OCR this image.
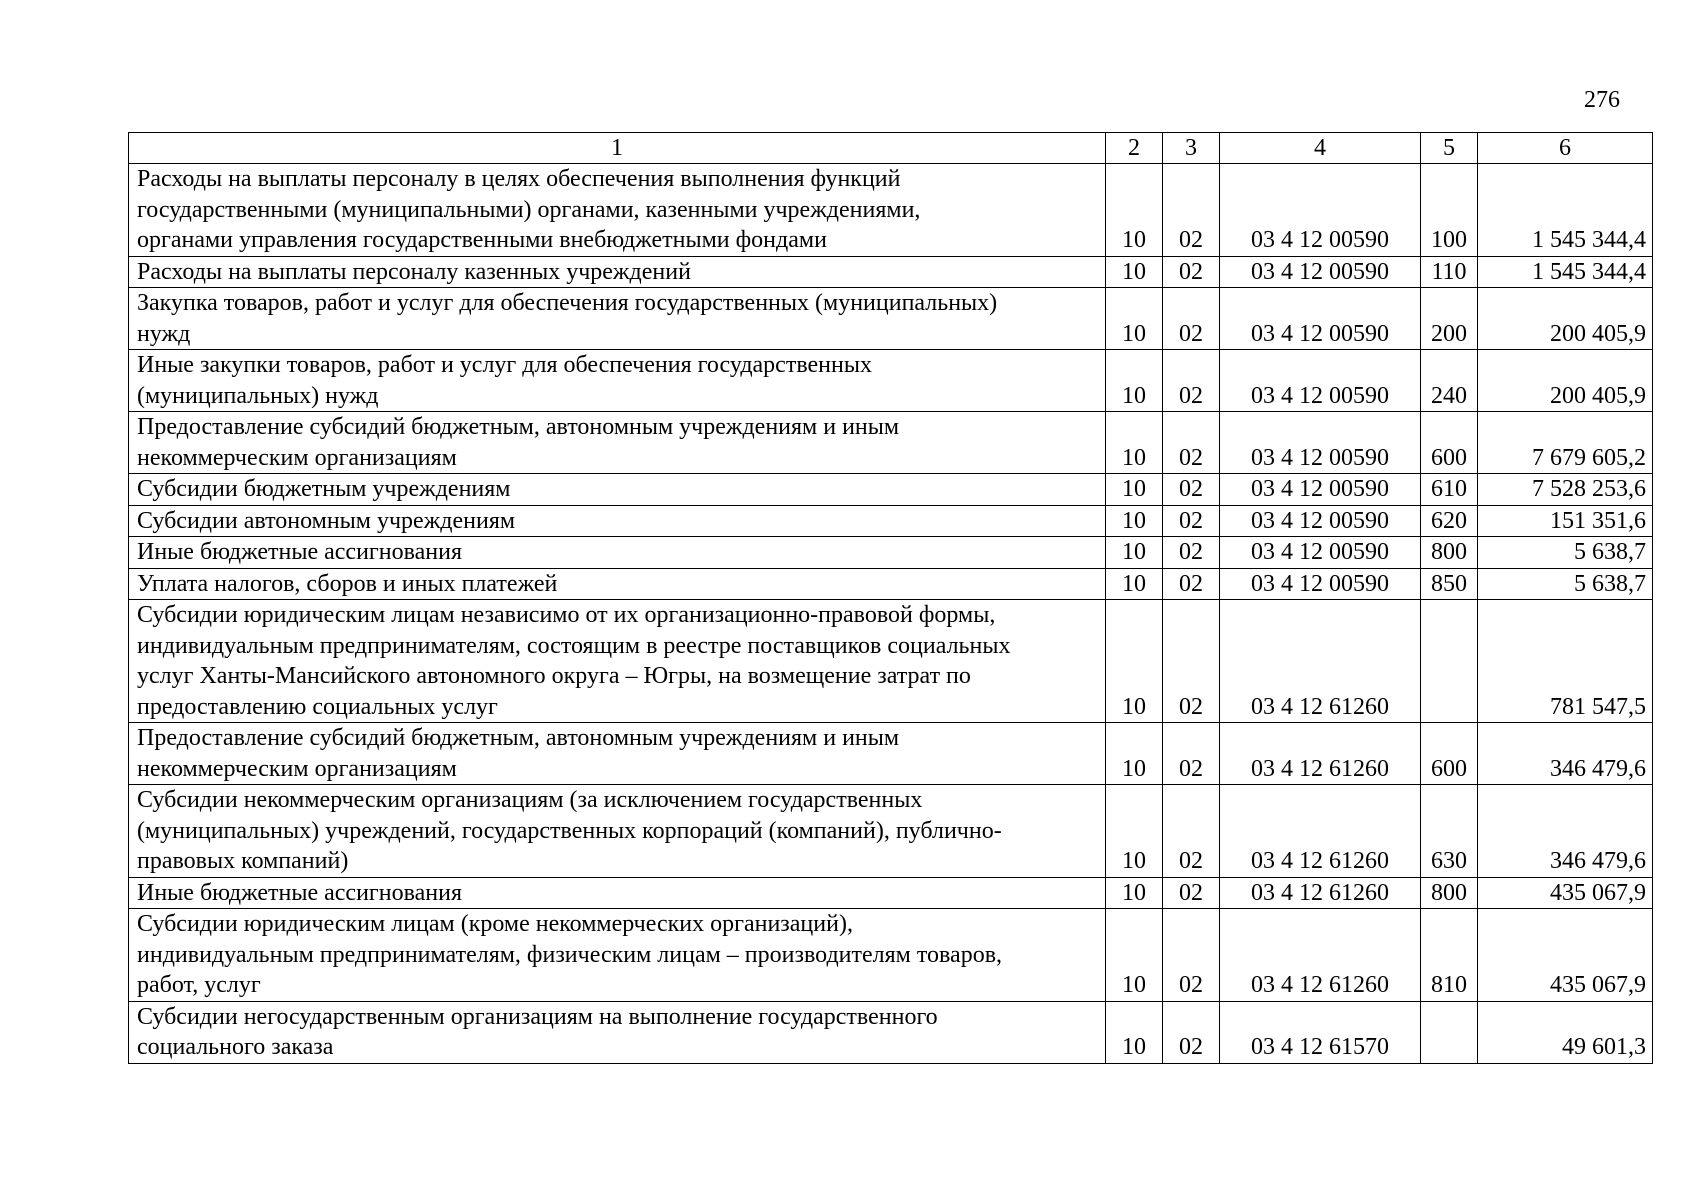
276
1	2	3	4	5	6

Расходы на выплаты персоналу в целях обеспечения выполнения функций
государственными (муниципальными) органами, казенными учреждениями,
органами управления государственными внебюджетными фондами	10	02	03 4 12 00590	100	1 545 344,4

Расходы на выплаты персоналу казенных учреждений	10	02	03 4 12 00590	110	1 545 344,4

Закупка товаров, работ и услуг для обеспечения государственных (муниципальных)
нужд	10	02	03 4 12 00590	200	200 405,9

Иные закупки товаров, работ и услуг для обеспечения государственных
(муниципальных) нужд	10	02	03 4 12 00590	240	200 405,9

Предоставление субсидий бюджетным, автономным учреждениям и иным
некоммерческим организациям	10	02	03 4 12 00590	600	7 679 605,2

Субсидии бюджетным учреждениям	10	02	03 4 12 00590	610	7 528 253,6

Субсидии автономным учреждениям	10	02	03 4 12 00590	620	151 351,6

Иные бюджетные ассигнования	10	02	03 4 12 00590	800	5 638,7

Уплата налогов, сборов и иных платежей	10	02	03 4 12 00590	850	5 638,7

Субсидии юридическим лицам независимо от их организационно-правовой формы,
индивидуальным предпринимателям, состоящим в реестре поставщиков социальных
услуг Ханты-Мансийского автономного округа – Югры, на возмещение затрат по
предоставлению социальных услуг	10	02	03 4 12 61260		781 547,5

Предоставление субсидий бюджетным, автономным учреждениям и иным
некоммерческим организациям	10	02	03 4 12 61260	600	346 479,6

Субсидии некоммерческим организациям (за исключением государственных
(муниципальных) учреждений, государственных корпораций (компаний), публично-
правовых компаний)	10	02	03 4 12 61260	630	346 479,6

Иные бюджетные ассигнования	10	02	03 4 12 61260	800	435 067,9

Субсидии юридическим лицам (кроме некоммерческих организаций),
индивидуальным предпринимателям, физическим лицам – производителям товаров,
работ, услуг	10	02	03 4 12 61260	810	435 067,9

Субсидии негосударственным организациям на выполнение государственного
социального заказа	10	02	03 4 12 61570		49 601,3
